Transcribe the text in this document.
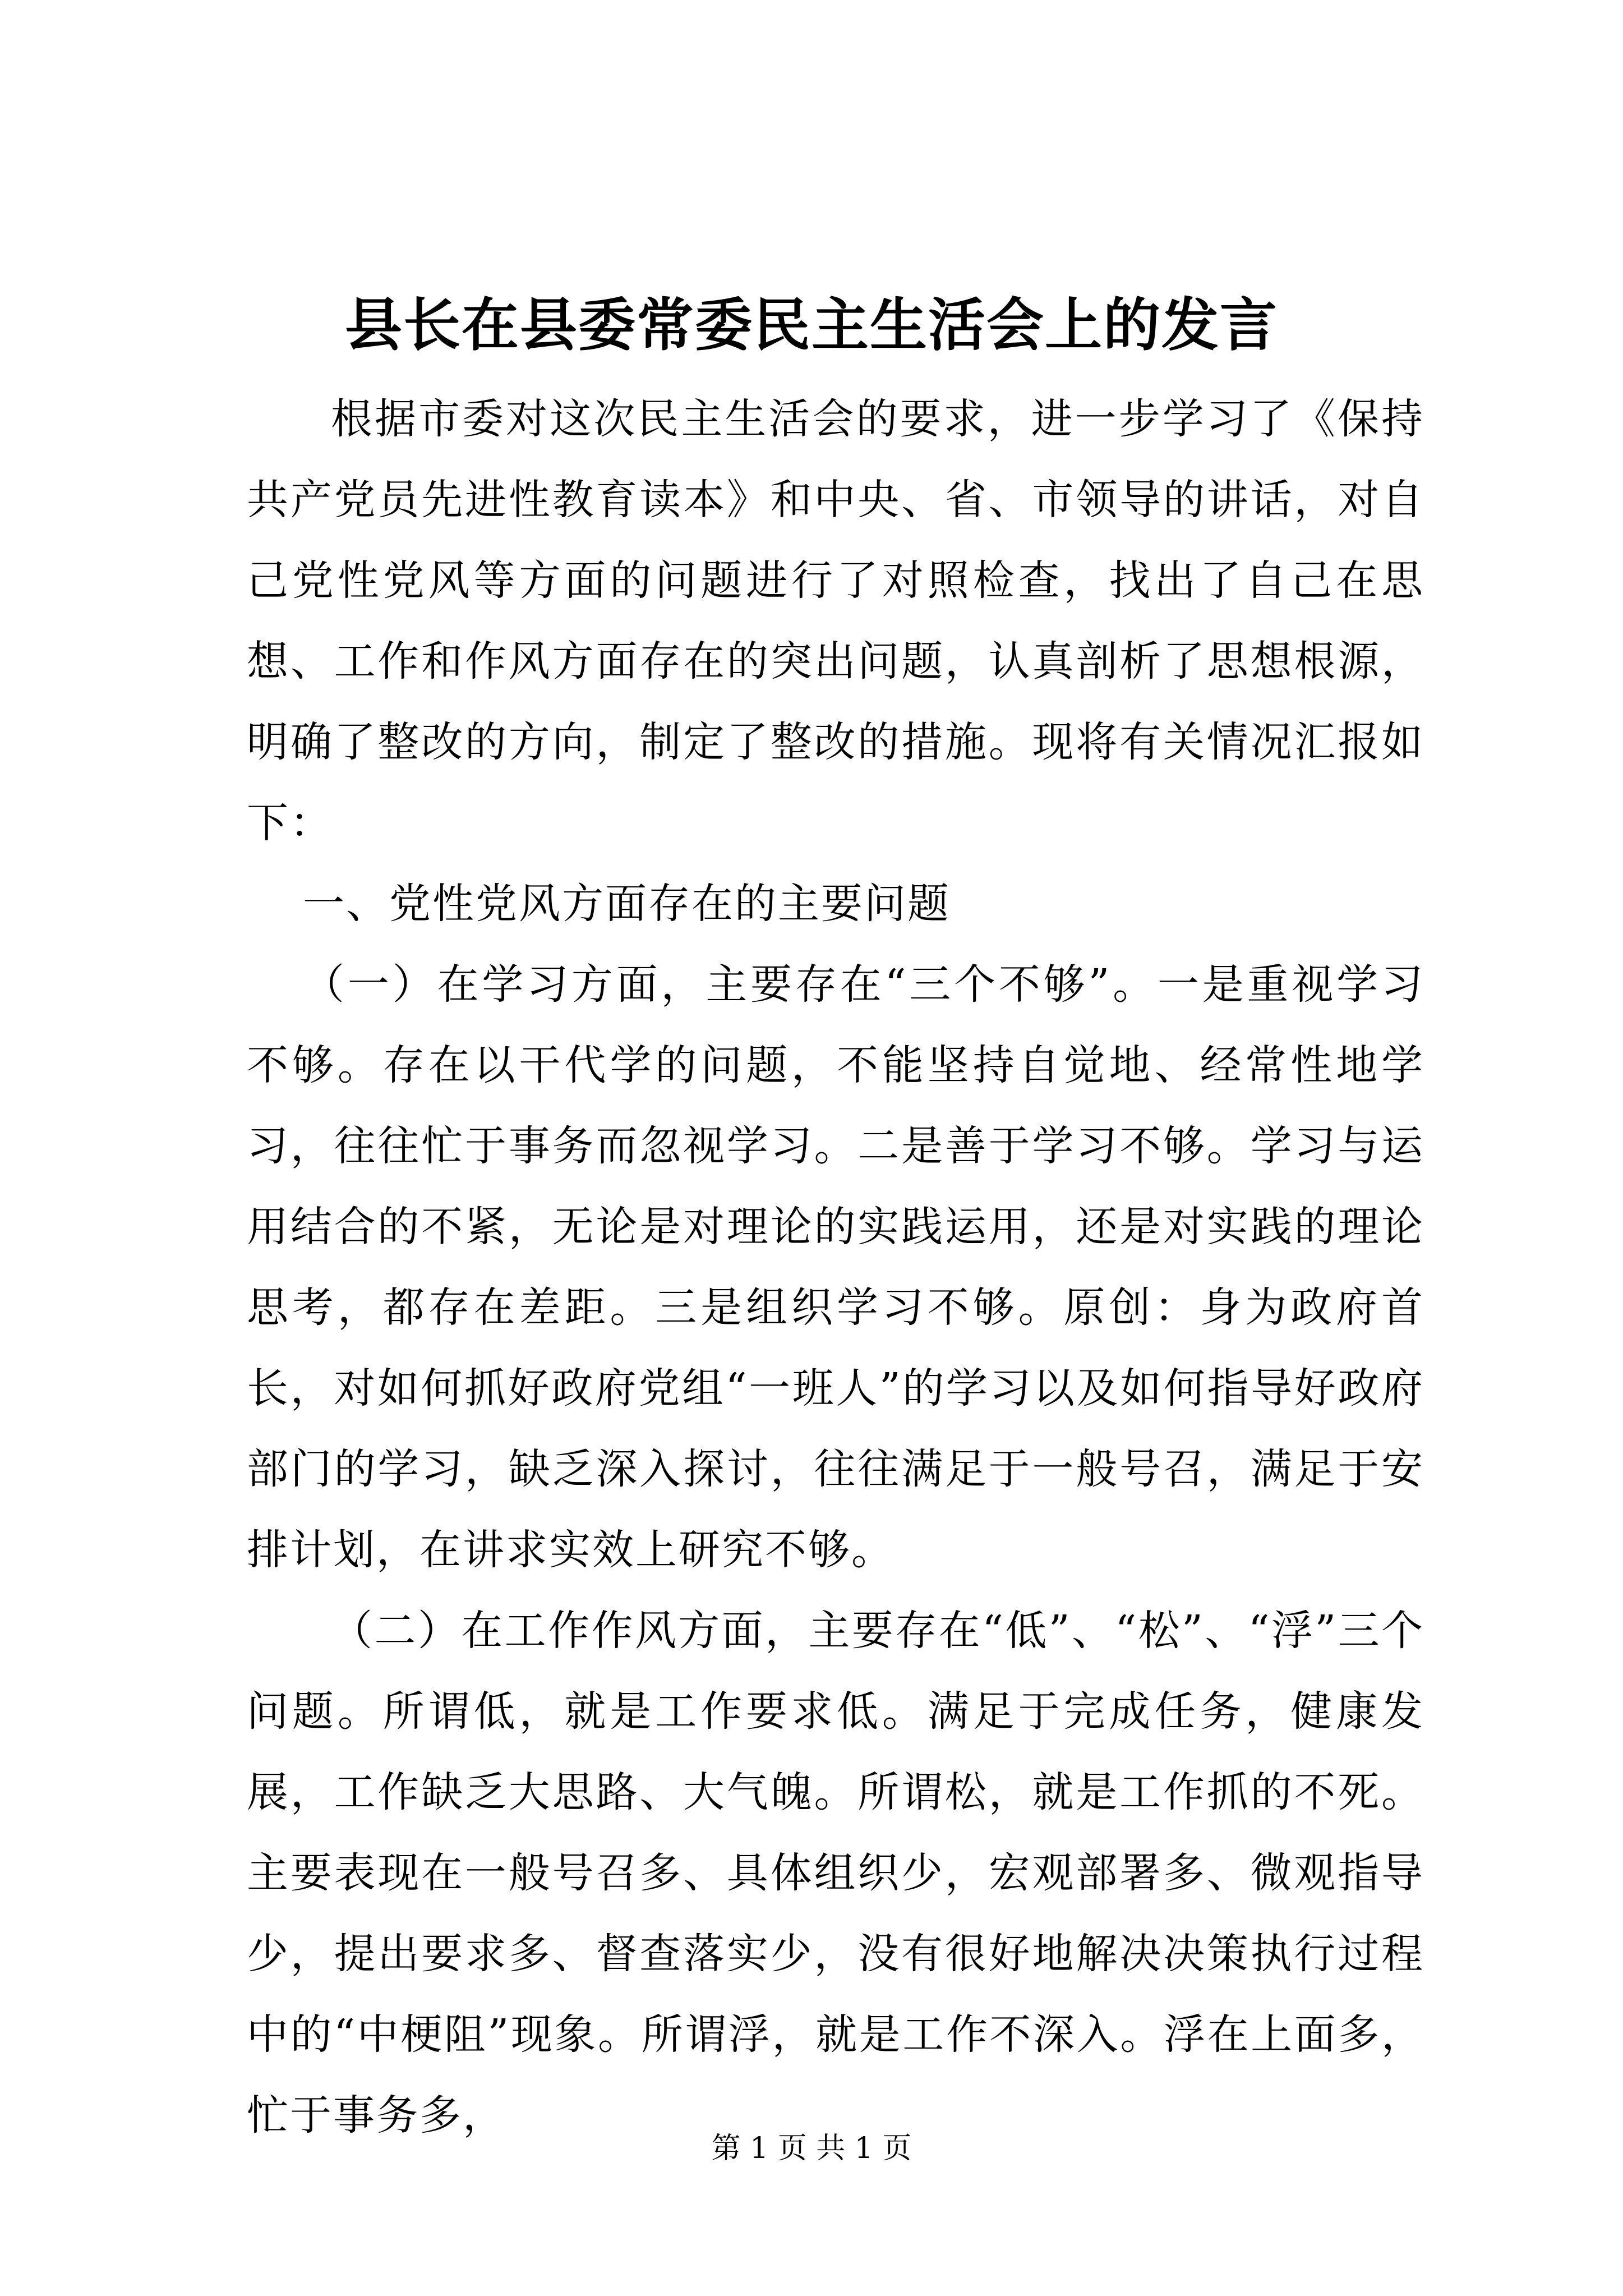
县长在县委常委民主生活会上的发言

根据市委对这次民主生活会的要求，进一步学习了《保持共产党员先进性教育读本》和中央、省、市领导的讲话，对自己党性党风等方面的问题进行了对照检查，找出了自己在思想、工作和作风方面存在的突出问题，认真剖析了思想根源，明确了整改的方向，制定了整改的措施。现将有关情况汇报如下：

一、党性党风方面存在的主要问题

（一）在学习方面，主要存在“三个不够”。一是重视学习不够。存在以干代学的问题，不能坚持自觉地、经常性地学习，往往忙于事务而忽视学习。二是善于学习不够。学习与运用结合的不紧，无论是对理论的实践运用，还是对实践的理论思考，都存在差距。三是组织学习不够。原创：身为政府首长，对如何抓好政府党组“一班人”的学习以及如何指导好政府部门的学习，缺乏深入探讨，往往满足于一般号召，满足于安排计划，在讲求实效上研究不够。

（二）在工作作风方面，主要存在“低”、“松”、“浮”三个问题。所谓低，就是工作要求低。满足于完成任务，健康发展，工作缺乏大思路、大气魄。所谓松，就是工作抓的不死。主要表现在一般号召多、具体组织少，宏观部署多、微观指导少，提出要求多、督查落实少，没有很好地解决决策执行过程中的“中梗阻”现象。所谓浮，就是工作不深入。浮在上面多，忙于事务多，

第 1 页 共 1 页
